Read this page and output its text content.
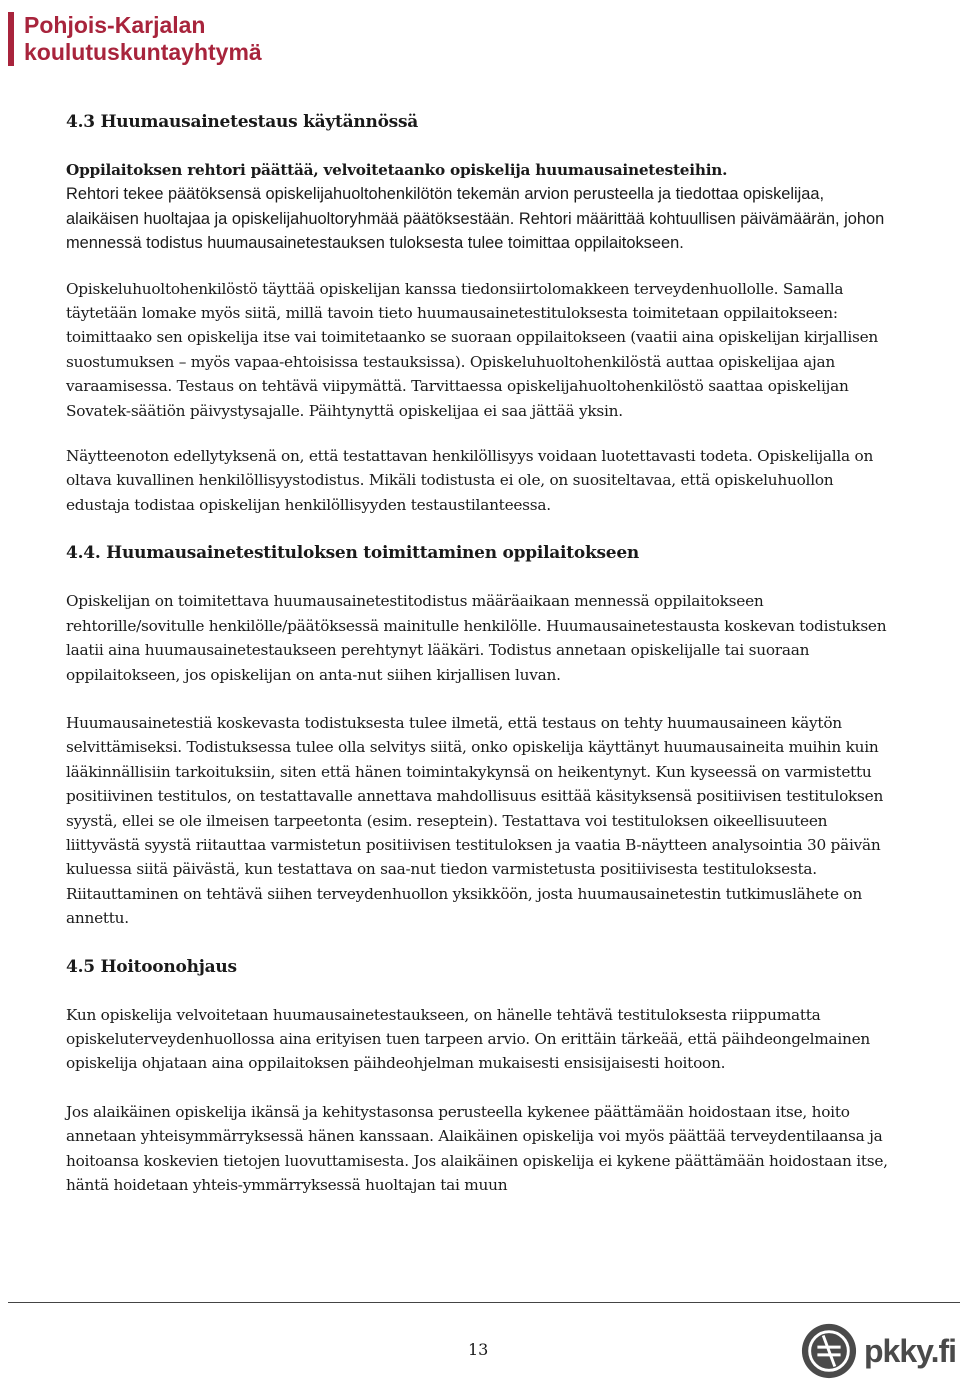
Pohjois-Karjalan
koulutuskuntayhtymä
4.3 Huumausainetestaus käytännössä

Oppilaitoksen rehtori päättää, velvoitetaanko opiskelija huumausainetesteihin.

Rehtori tekee päätöksensä opiskelijahuoltohenkilötön tekemän arvion perusteella ja tiedottaa opiskelijaa, alaikäisen huoltajaa ja opiskelijahuoltoryhmää päätöksestään. Rehtori määrittää kohtuullisen päivämäärän, johon mennessä todistus huumausainetestauksen tuloksesta tulee toimittaa oppilaitokseen.

Opiskeluhuoltohenkilöstö täyttää opiskelijan kanssa tiedonsiirtolomakkeen terveydenhuollolle. Samalla täytetään lomake myös siitä, millä tavoin tieto huumausainetestituloksesta toimitetaan oppilaitokseen: toimittaako sen opiskelija itse vai toimitetaanko se suoraan oppilaitokseen (vaatii aina opiskelijan kirjallisen suostumuksen – myös vapaa-ehtoisissa testauksissa). Opiskeluhuoltohenkilöstä auttaa opiskelijaa ajan varaamisessa. Testaus on tehtävä viipymättä. Tarvittaessa opiskelijahuoltohenkilöstö saattaa opiskelijan Sovatek-säätiön päivystysajalle. Päihtynyttä opiskelijaa ei saa jättää yksin.

Näytteenoton edellytyksenä on, että testattavan henkilöllisyys voidaan luotettavasti todeta. Opiskelijalla on oltava kuvallinen henkilöllisyystodistus. Mikäli todistusta ei ole, on suositeltavaa, että opiskeluhuollon edustaja todistaa opiskelijan henkilöllisyyden testaustilanteessa.

4.4. Huumausainetestituloksen toimittaminen oppilaitokseen

Opiskelijan on toimitettava huumausainetestitodistus määräaikaan mennessä oppilaitokseen rehtorille/sovitulle henkilölle/päätöksessä mainitulle henkilölle. Huumausainetestausta koskevan todistuksen laatii aina huumausainetestaukseen perehtynyt lääkäri. Todistus annetaan opiskelijalle tai suoraan oppilaitokseen, jos opiskelijan on anta-nut siihen kirjallisen luvan.

Huumausainetestiä koskevasta todistuksesta tulee ilmetä, että testaus on tehty huumausaineen käytön selvittämiseksi. Todistuksessa tulee olla selvitys siitä, onko opiskelija käyttänyt huumausaineita muihin kuin lääkinnällisiin tarkoituksiin, siten että hänen toimintakykynsä on heikentynyt. Kun kyseessä on varmistettu positiivinen testitulos, on testattavalle annettava mahdollisuus esittää käsityksensä positiivisen testituloksen syystä, ellei se ole ilmeisen tarpeetonta (esim. reseptein). Testattava voi testituloksen oikeellisuuteen liittyvästä syystä riitauttaa varmistetun positiivisen testituloksen ja vaatia B-näytteen analysointia 30 päivän kuluessa siitä päivästä, kun testattava on saa-nut tiedon varmistetusta positiivisesta testituloksesta. Riitauttaminen on tehtävä siihen terveydenhuollon yksikköön, josta huumausainetestin tutkimuslähete on annettu.

4.5 Hoitoonohjaus

Kun opiskelija velvoitetaan huumausainetestaukseen, on hänelle tehtävä testituloksesta riippumatta opiskeluterveydenhuollossa aina erityisen tuen tarpeen arvio. On erittäin tärkeää, että päihdeongelmainen opiskelija ohjataan aina oppilaitoksen päihdeohjelman mukaisesti ensisijaisesti hoitoon.

Jos alaikäinen opiskelija ikänsä ja kehitystasonsa perusteella kykenee päättämään hoidostaan itse, hoito annetaan yhteisymmärryksessä hänen kanssaan. Alaikäinen opiskelija voi myös päättää terveydentilaansa ja hoitoansa koskevien tietojen luovuttamisesta. Jos alaikäinen opiskelija ei kykene päättämään hoidostaan itse, häntä hoidetaan yhteis-ymmärryksessä huoltajan tai muun

13	pkky.fi
